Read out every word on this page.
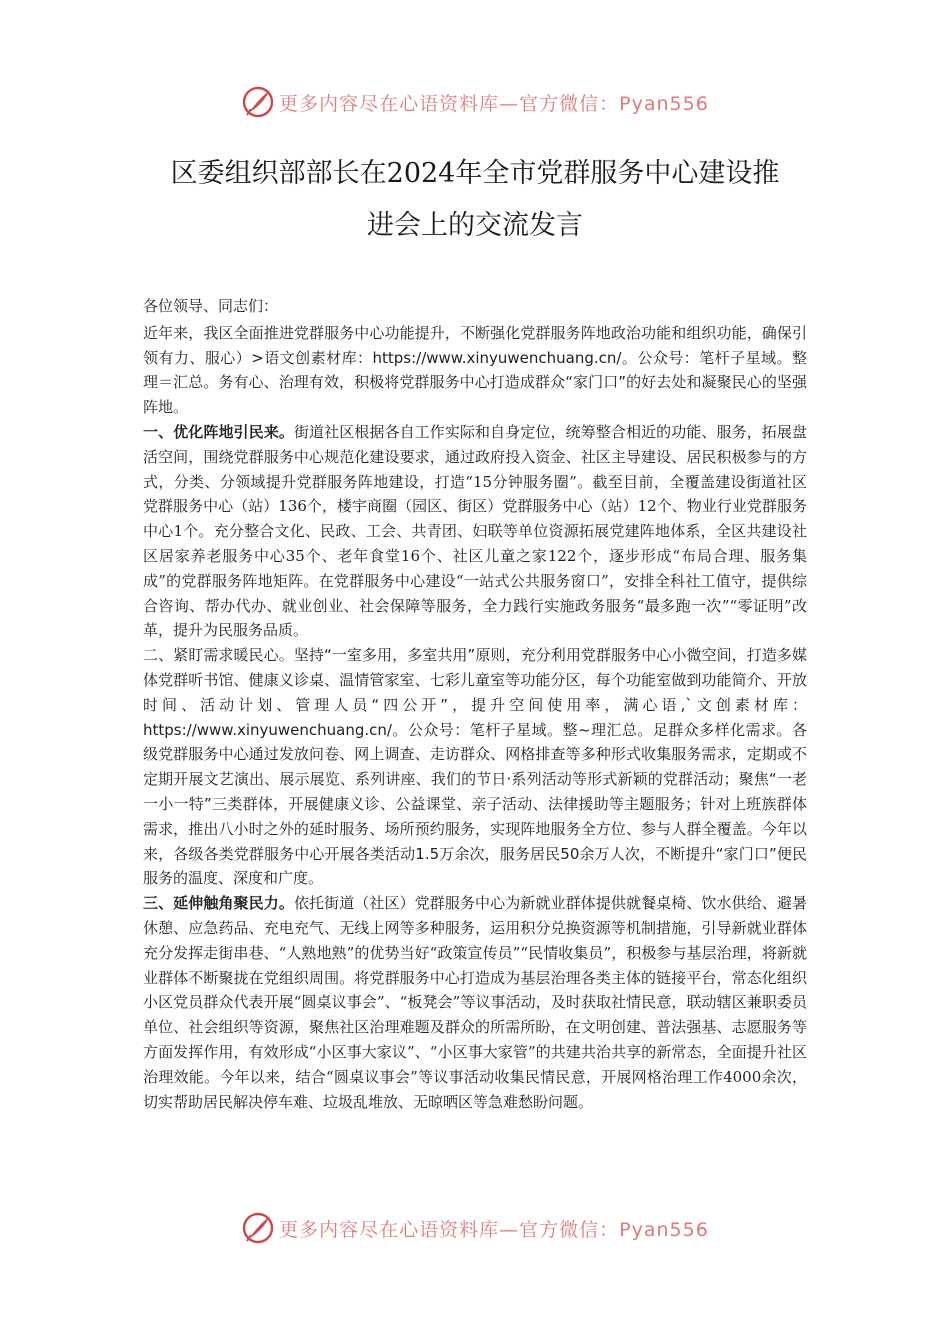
更多内容尽在心语资料库—官方微信：Pyan556
区委组织部部长在2024年全市党群服务中心建设推
进会上的交流发言

各位领导、同志们：

近年来，我区全面推进党群服务中心功能提升，不断强化党群服务阵地政治功能和组织功能，确保引领有力、服心）>语文创素材库：https://www.xinyuwenchuang.cn/。公众号：笔杆子星域。整理＝汇总。务有心、治理有效，积极将党群服务中心打造成群众“家门口”的好去处和凝聚民心的坚强阵地。

一、优化阵地引民来。街道社区根据各自工作实际和自身定位，统筹整合相近的功能、服务，拓展盘活空间，围绕党群服务中心规范化建设要求，通过政府投入资金、社区主导建设、居民积极参与的方式，分类、分领域提升党群服务阵地建设，打造“15分钟服务圈”。截至目前，全覆盖建设街道社区党群服务中心（站）136个，楼宇商圈（园区、街区）党群服务中心（站）12个、物业行业党群服务中心1个。充分整合文化、民政、工会、共青团、妇联等单位资源拓展党建阵地体系，全区共建设社区居家养老服务中心35个、老年食堂16个、社区儿童之家122个，逐步形成“布局合理、服务集成”的党群服务阵地矩阵。在党群服务中心建设“一站式公共服务窗口”，安排全科社工值守，提供综合咨询、帮办代办、就业创业、社会保障等服务，全力践行实施政务服务“最多跑一次”“零证明”改革，提升为民服务品质。

二、紧盯需求暖民心。坚持“一室多用，多室共用”原则，充分利用党群服务中心小微空间，打造多媒体党群听书馆、健康义诊桌、温情管家室、七彩儿童室等功能分区，每个功能室做到功能简介、开放时间、活动计划、管理人员“四公开”，提升空间使用率，满心语,`文创素材库：https://www.xinyuwenchuang.cn/。公众号：笔杆子星域。整~理汇总。足群众多样化需求。各级党群服务中心通过发放问卷、网上调查、走访群众、网格排查等多种形式收集服务需求，定期或不定期开展文艺演出、展示展览、系列讲座、我们的节日·系列活动等形式新颖的党群活动；聚焦“一老一小一特”三类群体，开展健康义诊、公益课堂、亲子活动、法律援助等主题服务；针对上班族群体需求，推出八小时之外的延时服务、场所预约服务，实现阵地服务全方位、参与人群全覆盖。今年以来，各级各类党群服务中心开展各类活动1.5万余次，服务居民50余万人次，不断提升“家门口”便民服务的温度、深度和广度。

三、延伸触角聚民力。依托街道（社区）党群服务中心为新就业群体提供就餐桌椅、饮水供给、避暑休憩、应急药品、充电充气、无线上网等多种服务，运用积分兑换资源等机制措施，引导新就业群体充分发挥走街串巷、“人熟地熟”的优势当好“政策宣传员”“民情收集员”，积极参与基层治理，将新就业群体不断聚拢在党组织周围。将党群服务中心打造成为基层治理各类主体的链接平台，常态化组织小区党员群众代表开展“圆桌议事会”、“板凳会”等议事活动，及时获取社情民意，联动辖区兼职委员单位、社会组织等资源，聚焦社区治理难题及群众的所需所盼，在文明创建、普法强基、志愿服务等方面发挥作用，有效形成“小区事大家议”、“小区事大家管”的共建共治共享的新常态，全面提升社区治理效能。今年以来，结合“圆桌议事会”等议事活动收集民情民意，开展网格治理工作4000余次，切实帮助居民解决停车难、垃圾乱堆放、无晾晒区等急难愁盼问题。

更多内容尽在心语资料库—官方微信：Pyan556
